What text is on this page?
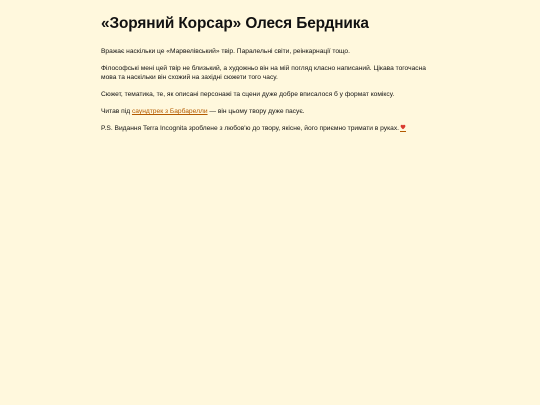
«Зоряний Корсар» Олеся Бердника

Вражає наскільки це «Марвелівський» твір. Паралельні світи, реінкарнації тощо.

Філософські мені цей твір не близький, а художньо він на мій погляд класно написаний. Цікава тогочасна мова та наскільки він схожий на західні сюжети того часу.

Сюжет, тематика, те, як описані персонажі та сцени дуже добре вписалося б у формат коміксу.

Читав під саундтрек з Барбарелли — він цьому твору дуже пасує.

P.S. Видання Terra Incognita зроблене з любов'ю до твору, якісне, його приємно тримати в руках.
